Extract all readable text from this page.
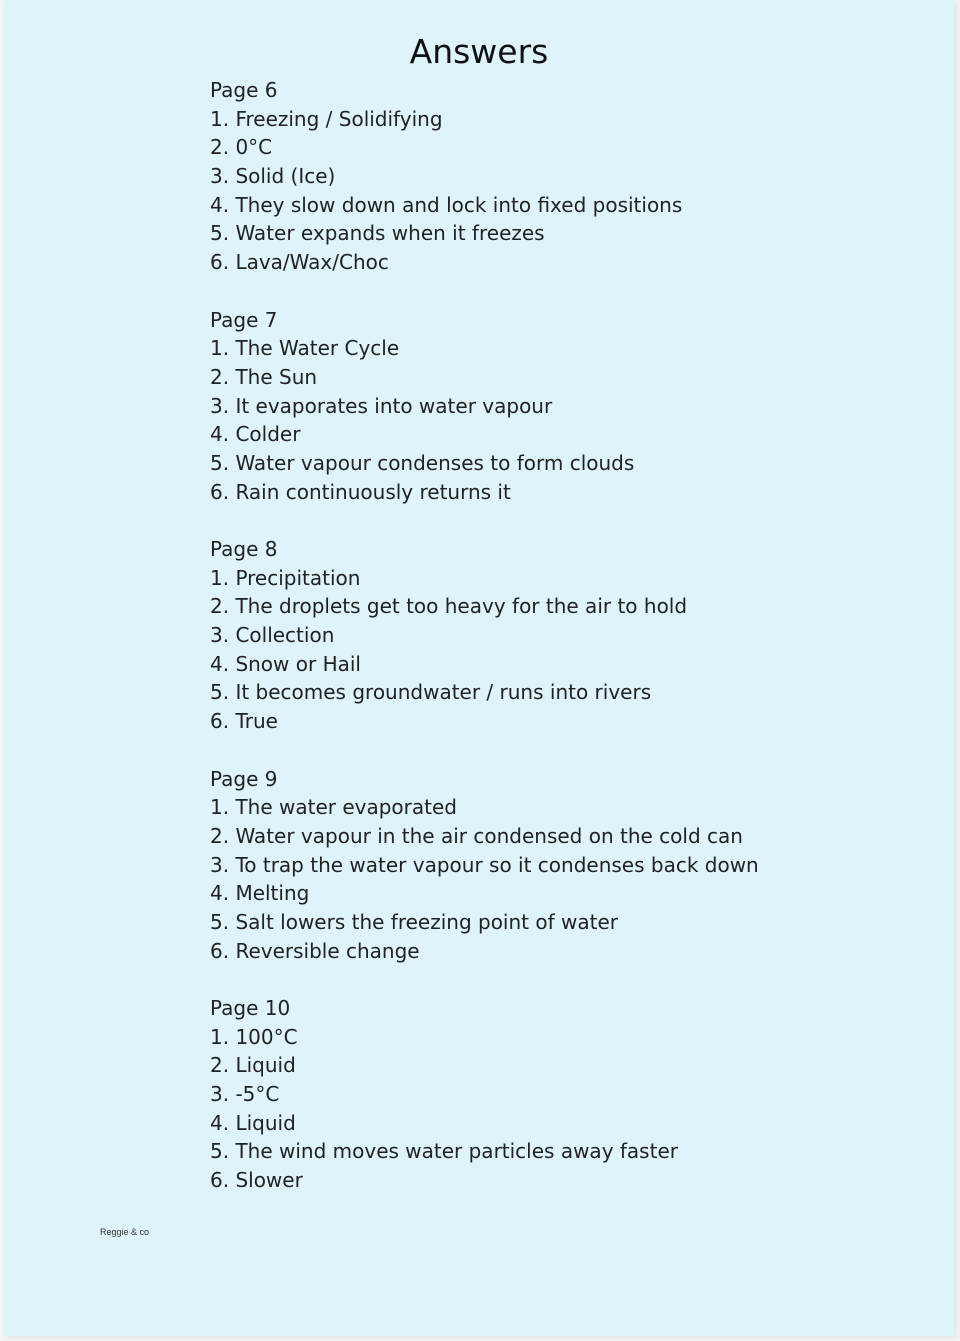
Answers
Page 6
1. Freezing / Solidifying
2. 0°C
3. Solid (Ice)
4. They slow down and lock into fixed positions
5. Water expands when it freezes
6. Lava/Wax/Choc
Page 7
1. The Water Cycle
2. The Sun
3. It evaporates into water vapour
4. Colder
5. Water vapour condenses to form clouds
6. Rain continuously returns it
Page 8
1. Precipitation
2. The droplets get too heavy for the air to hold
3. Collection
4. Snow or Hail
5. It becomes groundwater / runs into rivers
6. True
Page 9
1. The water evaporated
2. Water vapour in the air condensed on the cold can
3. To trap the water vapour so it condenses back down
4. Melting
5. Salt lowers the freezing point of water
6. Reversible change
Page 10
1. 100°C
2. Liquid
3. -5°C
4. Liquid
5. The wind moves water particles away faster
6. Slower
Reggie & co
